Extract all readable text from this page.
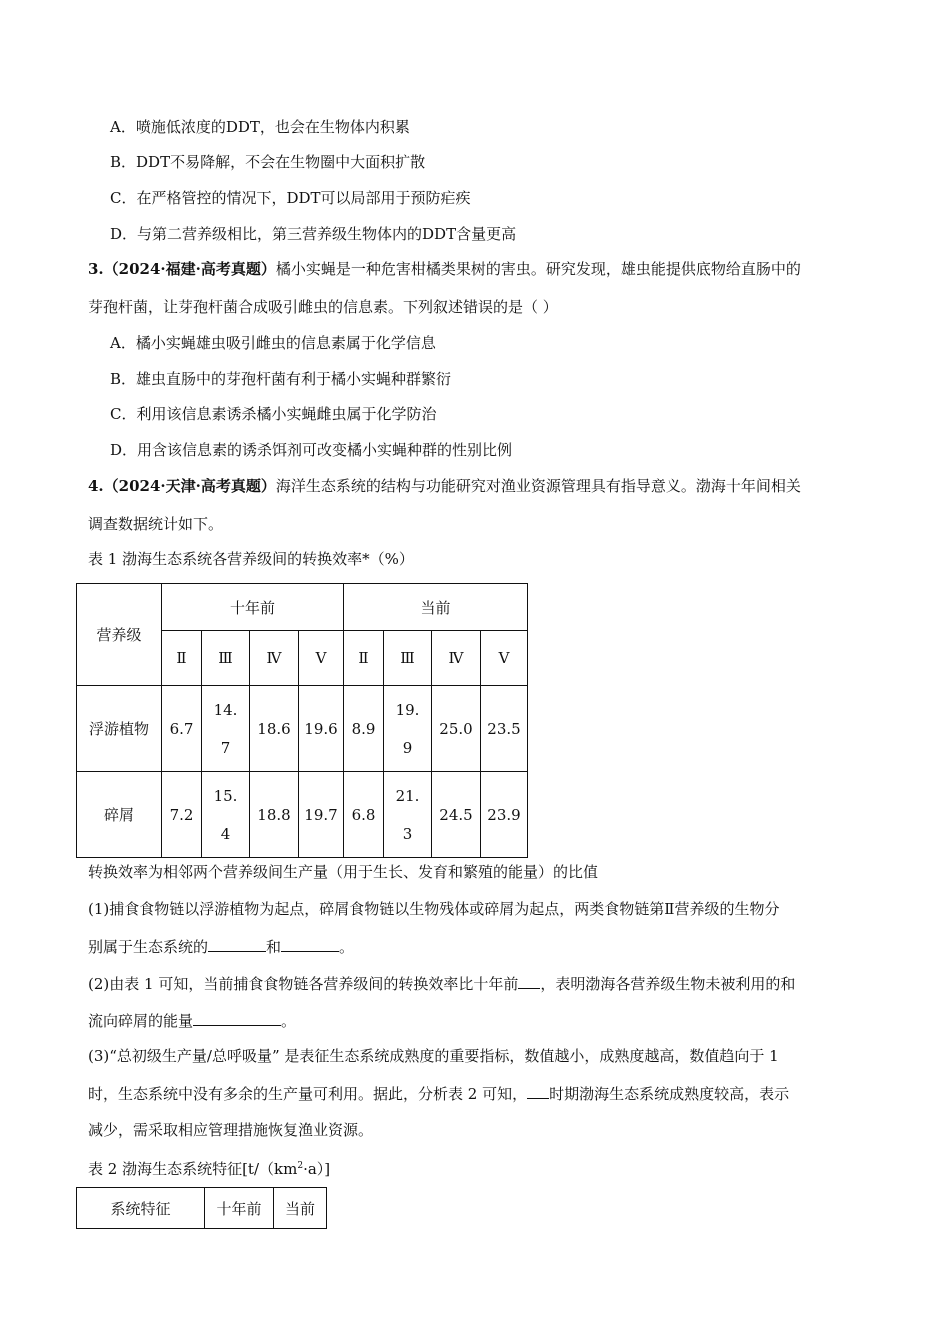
A．喷施低浓度的DDT，也会在生物体内积累
B．DDT不易降解，不会在生物圈中大面积扩散
C．在严格管控的情况下，DDT可以局部用于预防疟疾
D．与第二营养级相比，第三营养级生物体内的DDT含量更高
3.（2024·福建·高考真题）橘小实蝇是一种危害柑橘类果树的害虫。研究发现，雄虫能提供底物给直肠中的
芽孢杆菌，让芽孢杆菌合成吸引雌虫的信息素。下列叙述错误的是（ ）
A．橘小实蝇雄虫吸引雌虫的信息素属于化学信息
B．雄虫直肠中的芽孢杆菌有利于橘小实蝇种群繁衍
C．利用该信息素诱杀橘小实蝇雌虫属于化学防治
D．用含该信息素的诱杀饵剂可改变橘小实蝇种群的性别比例
4.（2024·天津·高考真题）海洋生态系统的结构与功能研究对渔业资源管理具有指导意义。渤海十年间相关
调查数据统计如下。
表 1 渤海生态系统各营养级间的转换效率*（%）
营养级	十年前				当前			
	Ⅱ	Ⅲ	Ⅳ	Ⅴ	Ⅱ	Ⅲ	Ⅳ	Ⅴ
浮游植物	6.7	14.7	18.6	19.6	8.9	19.9	25.0	23.5
碎屑	7.2	15.4	18.8	19.7	6.8	21.3	24.5	23.9
转换效率为相邻两个营养级间生产量（用于生长、发育和繁殖的能量）的比值
(1)捕食食物链以浮游植物为起点，碎屑食物链以生物残体或碎屑为起点，两类食物链第Ⅱ营养级的生物分
别属于生态系统的	和	。
(2)由表 1 可知，当前捕食食物链各营养级间的转换效率比十年前 ，表明渤海各营养级生物未被利用的和
流向碎屑的能量	。
(3)“总初级生产量/总呼吸量” 是表征生态系统成熟度的重要指标，数值越小，成熟度越高，数值趋向于 1
时，生态系统中没有多余的生产量可利用。据此，分析表 2 可知， 时期渤海生态系统成熟度较高，表示
减少，需采取相应管理措施恢复渔业资源。
表 2 渤海生态系统特征$[t/(km^2\cdot a)]$
系统特征	十年前	当前
